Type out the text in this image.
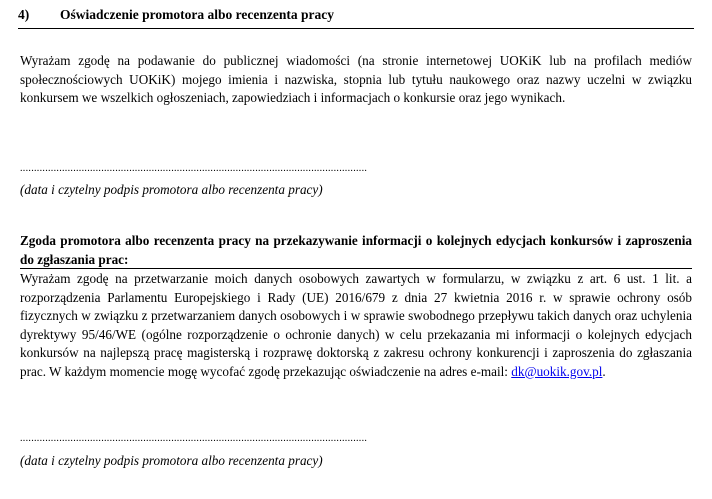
4) Oświadczenie promotora albo recenzenta pracy

Wyrażam zgodę na podawanie do publicznej wiadomości (na stronie internetowej UOKiK lub na profilach mediów społecznościowych UOKiK) mojego imienia i nazwiska, stopnia lub tytułu naukowego oraz nazwy uczelni w związku konkursem we wszelkich ogłoszeniach, zapowiedziach i informacjach o konkursie oraz jego wynikach.

............................................................................................................................
(data i czytelny podpis promotora albo recenzenta pracy)

Zgoda promotora albo recenzenta pracy na przekazywanie informacji o kolejnych edycjach konkursów i zaproszenia do zgłaszania prac:

Wyrażam zgodę na przetwarzanie moich danych osobowych zawartych w formularzu, w związku z art. 6 ust. 1 lit. a rozporządzenia Parlamentu Europejskiego i Rady (UE) 2016/679 z dnia 27 kwietnia 2016 r. w sprawie ochrony osób fizycznych w związku z przetwarzaniem danych osobowych i w sprawie swobodnego przepływu takich danych oraz uchylenia dyrektywy 95/46/WE (ogólne rozporządzenie o ochronie danych) w celu przekazania mi informacji o kolejnych edycjach konkursów na najlepszą pracę magisterską i rozprawę doktorską z zakresu ochrony konkurencji i zaproszenia do zgłaszania prac. W każdym momencie mogę wycofać zgodę przekazując oświadczenie na adres e-mail: dk@uokik.gov.pl.

............................................................................................................................
(data i czytelny podpis promotora albo recenzenta pracy)
